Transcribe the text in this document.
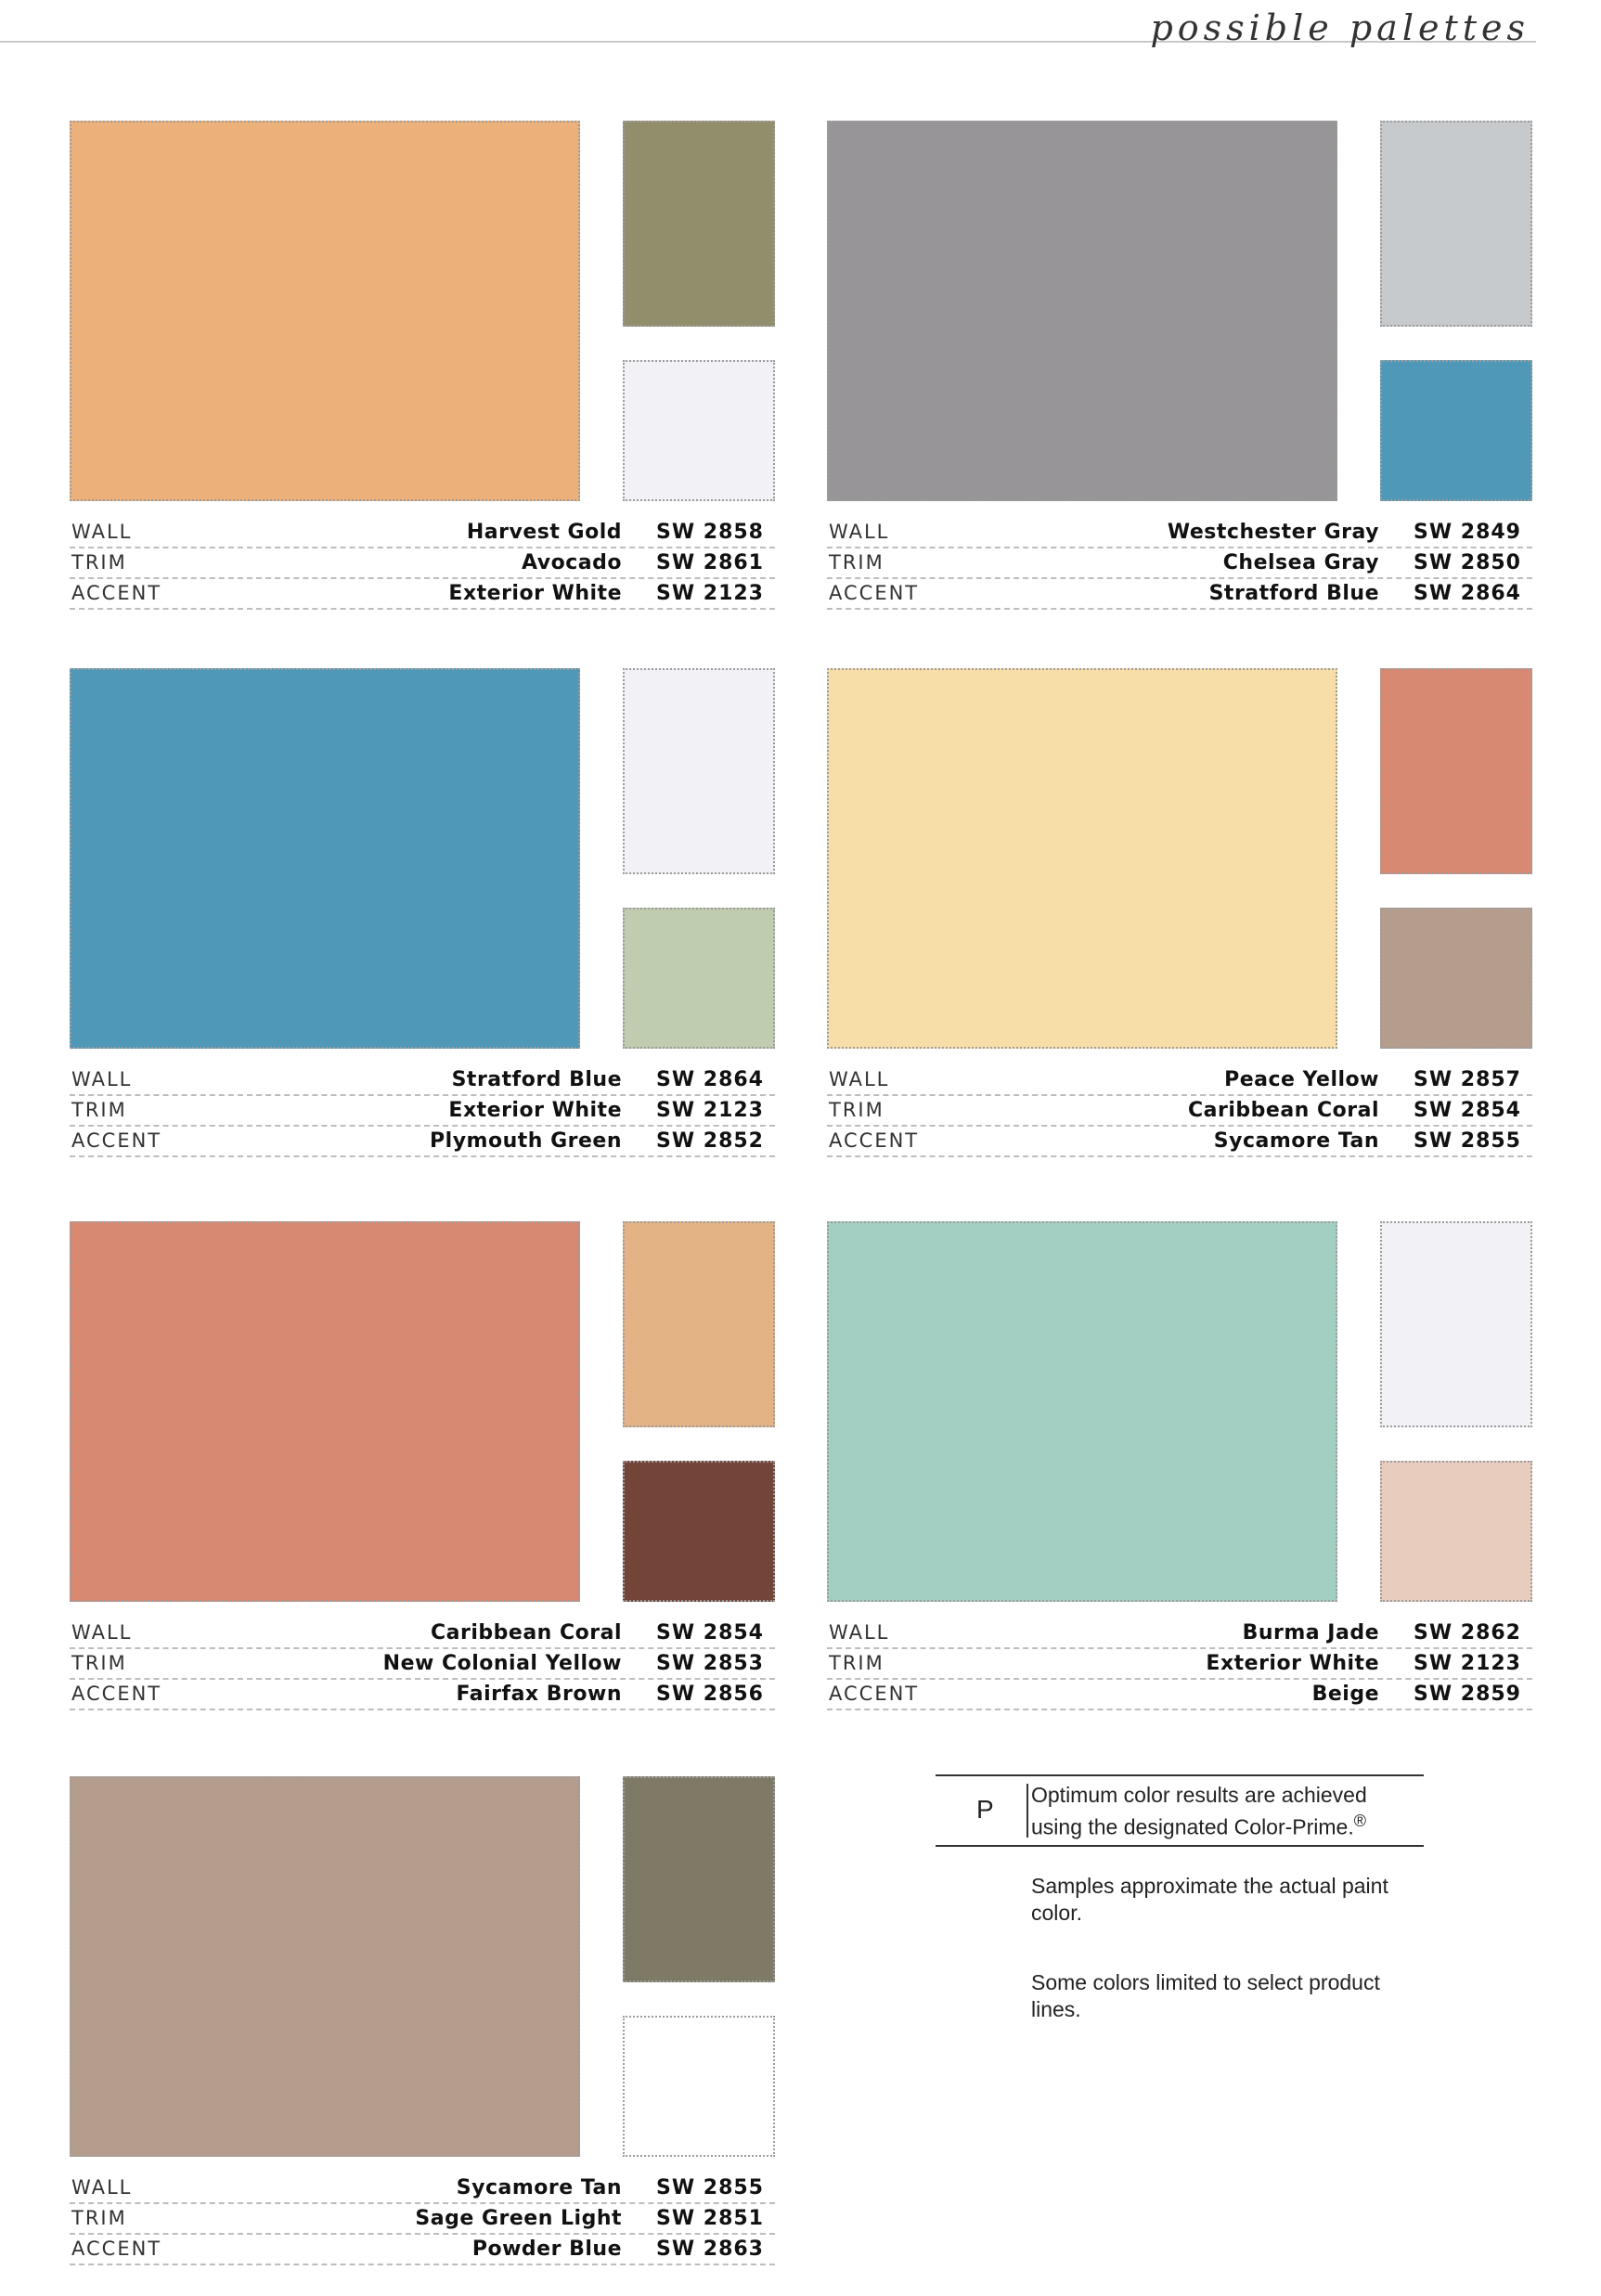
possible palettes
WALL	Harvest Gold SW 2858
TRIM	Avocado SW 2861
ACCENT	Exterior White SW 2123
WALL	Westchester Gray SW 2849
TRIM	Chelsea Gray SW 2850
ACCENT	Stratford Blue SW 2864
WALL	Stratford Blue SW 2864
TRIM	Exterior White SW 2123
ACCENT	Plymouth Green SW 2852
WALL	Peace Yellow SW 2857
TRIM	Caribbean Coral SW 2854
ACCENT	Sycamore Tan SW 2855
WALL	Caribbean Coral SW 2854
TRIM	New Colonial Yellow SW 2853
ACCENT	Fairfax Brown SW 2856
WALL	Burma Jade SW 2862
TRIM	Exterior White SW 2123
ACCENT	Beige SW 2859
WALL	Sycamore Tan SW 2855
TRIM	Sage Green Light SW 2851
ACCENT	Powder Blue SW 2863
P Optimum color results are achieved using the designated Color-Prime.®
Samples approximate the actual paint color.
Some colors limited to select product lines.
